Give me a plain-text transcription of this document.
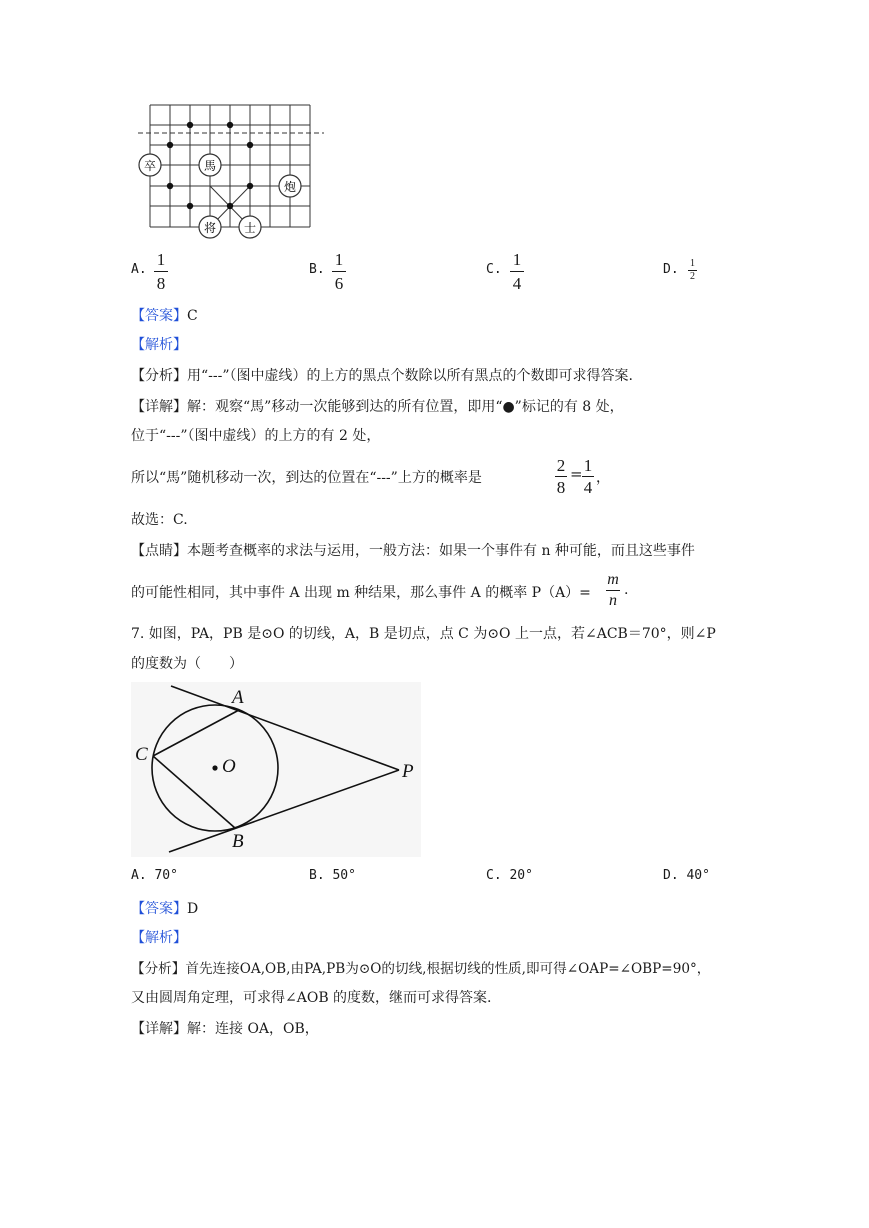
卒	馬
炮
将 士
A.
1
8
B.
1
6
C.
1
4
D. 1
2
【答案】C
【解析】
【分析】用“---”（图中虚线）的上方的黑点个数除以所有黑点的个数即可求得答案.
【详解】解：观察“馬”移动一次能够到达的所有位置，即用“●”标记的有 8 处，
位于“---”（图中虚线）的上方的有 2 处，
所以“馬”随机移动一次，到达的位置在“---”上方的概率是
2
8
= 1
4 ，
故选：C.
【点睛】本题考查概率的求法与运用，一般方法：如果一个事件有 n 种可能，而且这些事件
的可能性相同，其中事件 A 出现 m 种结果，那么事件 A 的概率 P（A）=
m
n
.
7. 如图，PA，PB 是⊙O 的切线，A，B 是切点，点 C 为⊙O 上一点，若∠ACB＝70°，则∠P
的度数为（　　）
A
B
C
O	P
A. 70°	B. 50°	C. 20°	D. 40°
【答案】D
【解析】
【分析】首先连接OA,OB,由PA,PB为⊙O的切线,根据切线的性质,即可得∠OAP=∠OBP=90°，
又由圆周角定理，可求得∠AOB 的度数，继而可求得答案.
【详解】解：连接 OA，OB，
